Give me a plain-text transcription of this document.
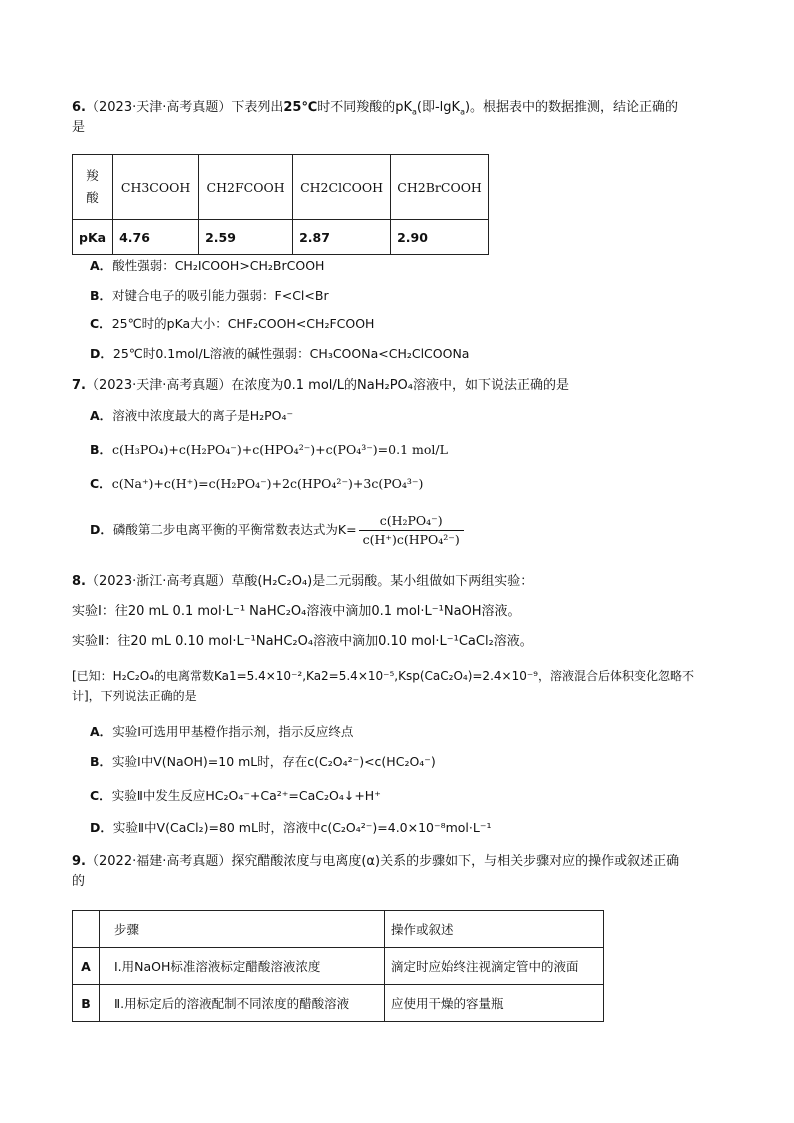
6.（2023·天津·高考真题）下表列出25℃时不同羧酸的$pK_a$(即-lgK$_a$)。根据表中的数据推测，结论正确的
是
羧
酸	CH3COOH	CH2FCOOH	CH2ClCOOH	CH2BrCOOH
pKa	4.76	2.59	2.87	2.90
A．酸性强弱：CH₂ICOOH>CH₂BrCOOH
B．对键合电子的吸引能力强弱：F<Cl<Br
C．25℃时的pKa大小：CHF₂COOH<CH₂FCOOH
D．25℃时0.1mol/L溶液的碱性强弱：CH₃COONa<CH₂ClCOONa
7.（2023·天津·高考真题）在浓度为0.1 mol/L的NaH₂PO₄溶液中，如下说法正确的是
A．溶液中浓度最大的离子是H₂PO₄⁻
B．c(H₃PO₄)+c(H₂PO₄⁻)+c(HPO₄²⁻)+c(PO₄³⁻)=0.1 mol/L
C．c(Na⁺)+c(H⁺)=c(H₂PO₄⁻)+2c(HPO₄²⁻)+3c(PO₄³⁻)
D．磷酸第二步电离平衡的平衡常数表达式为$K= \frac{\text{c(H₂PO₄⁻)}}{\text{c(H⁺)c(HPO₄²⁻)}}$
8.（2023·浙江·高考真题）草酸(H₂C₂O₄)是二元弱酸。某小组做如下两组实验：
实验Ⅰ：往20 mL 0.1 mol·L⁻¹ NaHC₂O₄溶液中滴加0.1 mol·L⁻¹NaOH溶液。
实验Ⅱ：往20 mL 0.10 mol·L⁻¹NaHC₂O₄溶液中滴加0.10 mol·L⁻¹CaCl₂溶液。
[已知：H₂C₂O₄的电离常数Ka1=5.4×10⁻²,Ka2=5.4×10⁻⁵,Ksp(CaC₂O₄)=2.4×10⁻⁹，溶液混合后体积变化忽略不
计]，下列说法正确的是
A．实验Ⅰ可选用甲基橙作指示剂，指示反应终点
B．实验Ⅰ中V(NaOH)=10 mL时，存在c(C₂O₄²⁻)<c(HC₂O₄⁻)
C．实验Ⅱ中发生反应HC₂O₄⁻+Ca²⁺=CaC₂O₄↓+H⁺
D．实验Ⅱ中V(CaCl₂)=80 mL时，溶液中c(C₂O₄²⁻)=4.0×10⁻⁸mol·L⁻¹
9.（2022·福建·高考真题）探究醋酸浓度与电离度(α)关系的步骤如下，与相关步骤对应的操作或叙述正确
的
	步骤	操作或叙述
A	Ⅰ.用NaOH标准溶液标定醋酸溶液浓度	滴定时应始终注视滴定管中的液面
B	Ⅱ.用标定后的溶液配制不同浓度的醋酸溶液	应使用干燥的容量瓶
